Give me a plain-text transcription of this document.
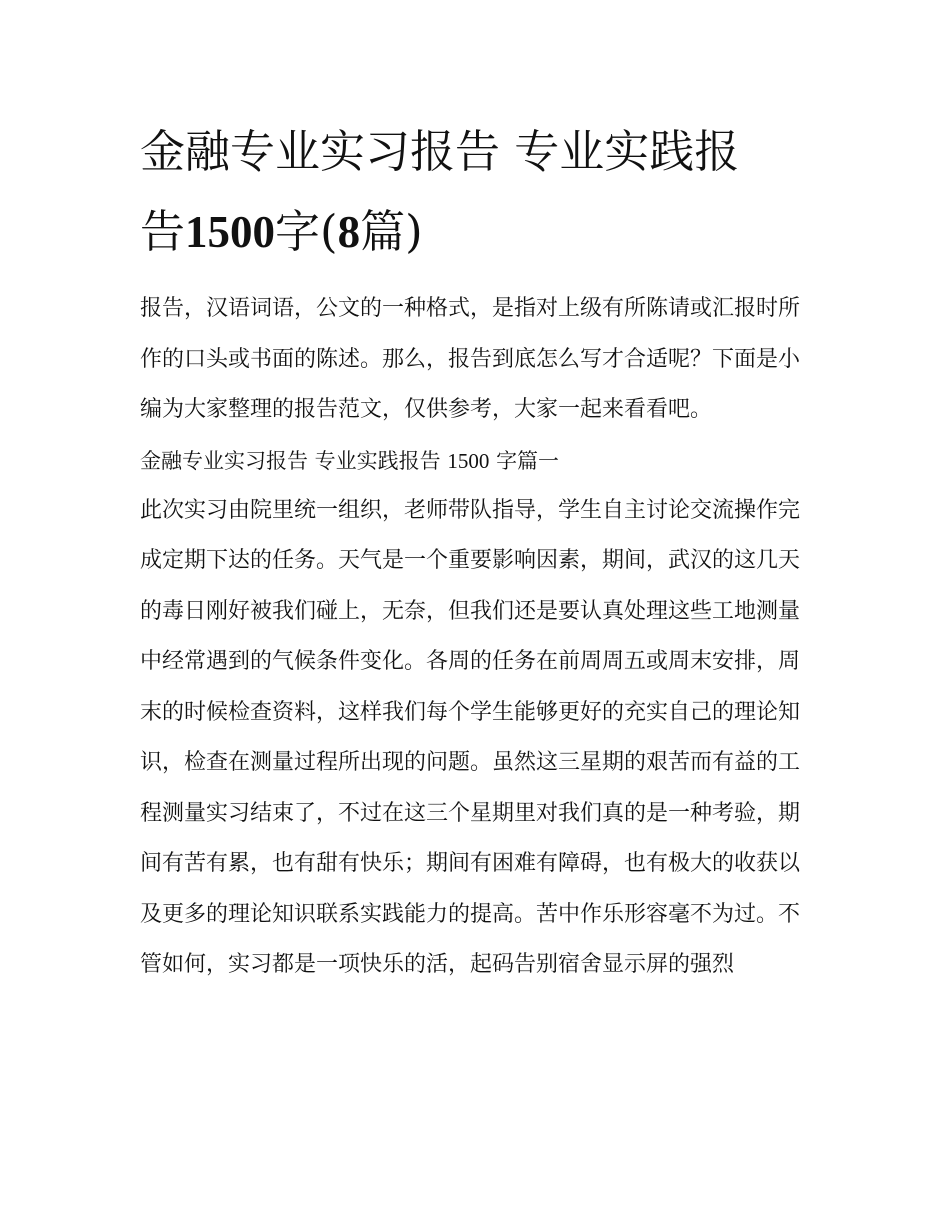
金融专业实习报告 专业实践报
告1500字(8篇)

报告，汉语词语，公文的一种格式，是指对上级有所陈请或汇报时所作的口头或书面的陈述。那么，报告到底怎么写才合适呢？下面是小编为大家整理的报告范文，仅供参考，大家一起来看看吧。

金融专业实习报告 专业实践报告 1500 字篇一

此次实习由院里统一组织，老师带队指导，学生自主讨论交流操作完成定期下达的任务。天气是一个重要影响因素，期间，武汉的这几天的毒日刚好被我们碰上，无奈，但我们还是要认真处理这些工地测量中经常遇到的气候条件变化。各周的任务在前周周五或周末安排，周末的时候检查资料，这样我们每个学生能够更好的充实自己的理论知识，检查在测量过程所出现的问题。虽然这三星期的艰苦而有益的工程测量实习结束了，不过在这三个星期里对我们真的是一种考验，期间有苦有累，也有甜有快乐；期间有困难有障碍，也有极大的收获以及更多的理论知识联系实践能力的提高。苦中作乐形容毫不为过。不管如何，实习都是一项快乐的活，起码告别宿舍显示屏的强烈
